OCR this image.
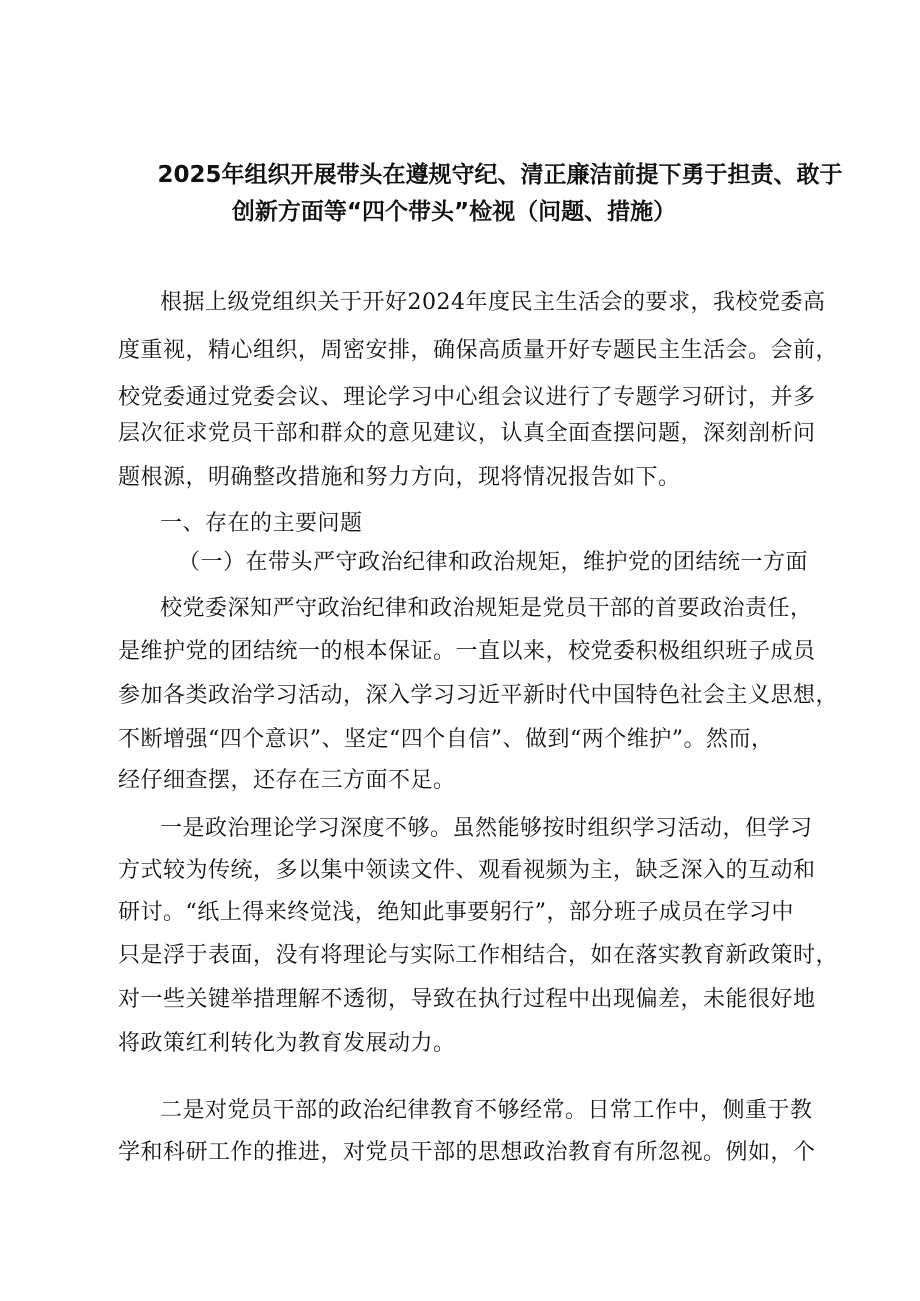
2025年组织开展带头在遵规守纪、清正廉洁前提下勇于担责、敢于
创新方面等“四个带头”检视（问题、措施）
根据上级党组织关于开好2024年度民主生活会的要求，我校党委高
度重视，精心组织，周密安排，确保高质量开好专题民主生活会。会前，
校党委通过党委会议、理论学习中心组会议进行了专题学习研讨，并多
层次征求党员干部和群众的意见建议，认真全面查摆问题，深刻剖析问
题根源，明确整改措施和努力方向，现将情况报告如下。
一、存在的主要问题
（一）在带头严守政治纪律和政治规矩，维护党的团结统一方面
校党委深知严守政治纪律和政治规矩是党员干部的首要政治责任，
是维护党的团结统一的根本保证。一直以来，校党委积极组织班子成员
参加各类政治学习活动，深入学习习近平新时代中国特色社会主义思想，
不断增强“四个意识”、坚定“四个自信”、做到“两个维护”。然而，
经仔细查摆，还存在三方面不足。
一是政治理论学习深度不够。虽然能够按时组织学习活动，但学习
方式较为传统，多以集中领读文件、观看视频为主，缺乏深入的互动和
研讨。“纸上得来终觉浅，绝知此事要躬行”，部分班子成员在学习中
只是浮于表面，没有将理论与实际工作相结合，如在落实教育新政策时，
对一些关键举措理解不透彻，导致在执行过程中出现偏差，未能很好地
将政策红利转化为教育发展动力。
二是对党员干部的政治纪律教育不够经常。日常工作中，侧重于教
学和科研工作的推进，对党员干部的思想政治教育有所忽视。例如，个
